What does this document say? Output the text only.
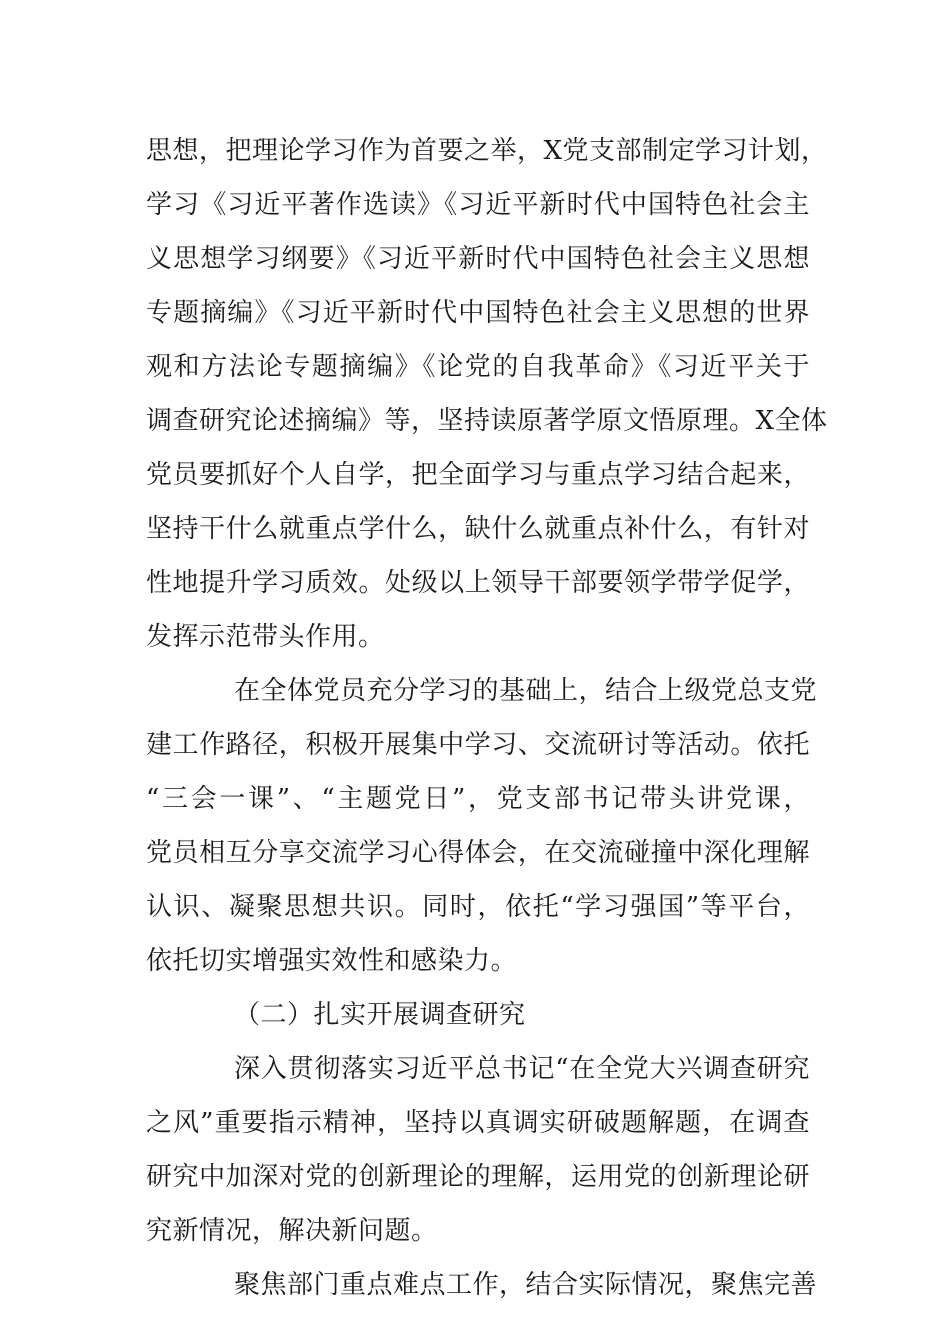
思想，把理论学习作为首要之举，X党支部制定学习计划，
学习《习近平著作选读》《习近平新时代中国特色社会主
义思想学习纲要》《习近平新时代中国特色社会主义思想
专题摘编》《习近平新时代中国特色社会主义思想的世界
观和方法论专题摘编》《论党的自我革命》《习近平关于
调查研究论述摘编》等，坚持读原著学原文悟原理。X全体
党员要抓好个人自学，把全面学习与重点学习结合起来，
坚持干什么就重点学什么，缺什么就重点补什么，有针对
性地提升学习质效。处级以上领导干部要领学带学促学，
发挥示范带头作用。

在全体党员充分学习的基础上，结合上级党总支党
建工作路径，积极开展集中学习、交流研讨等活动。依托
“三会一课”、“主题党日”，党支部书记带头讲党课，
党员相互分享交流学习心得体会，在交流碰撞中深化理解
认识、凝聚思想共识。同时，依托“学习强国”等平台，
依托切实增强实效性和感染力。

（二）扎实开展调查研究

深入贯彻落实习近平总书记“在全党大兴调查研究
之风”重要指示精神，坚持以真调实研破题解题，在调查
研究中加深对党的创新理论的理解，运用党的创新理论研
究新情况，解决新问题。

聚焦部门重点难点工作，结合实际情况，聚焦完善
